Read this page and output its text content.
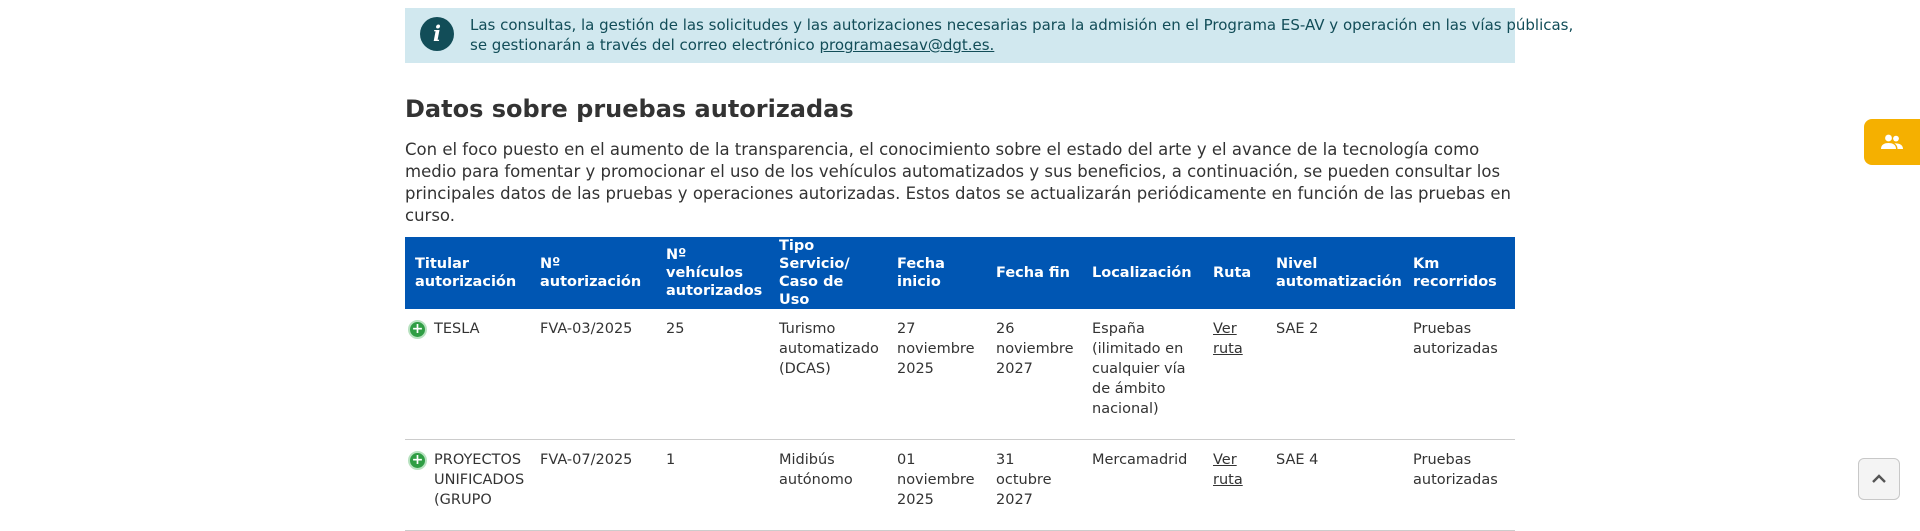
i	Las consultas, la gestión de las solicitudes y las autorizaciones necesarias para la admisión en el Programa ES-AV y operación en las vías públicas,
se gestionarán a través del correo electrónico programaesav@dgt.es.
Datos sobre pruebas autorizadas

Con el foco puesto en el aumento de la transparencia, el conocimiento sobre el estado del arte y el avance de la tecnología como medio para fomentar y promocionar el uso de los vehículos automatizados y sus beneficios, a continuación, se pueden consultar los principales datos de las pruebas y operaciones autorizadas. Estos datos se actualizarán periódicamente en función de las pruebas en curso.

Titular autorización	Nº autorización	Nº vehículos autorizados	Tipo Servicio/ Caso de Uso	Fecha inicio	Fecha fin	Localización	Ruta	Nivel automatización	Km recorridos

+ TESLA	FVA-03/2025	25	Turismo automatizado (DCAS)	27 noviembre 2025	26 noviembre 2027	España (ilimitado en cualquier vía de ámbito nacional)	Ver ruta	SAE 2	Pruebas autorizadas

+ PROYECTOS UNIFICADOS (GRUPO	FVA-07/2025	1	Midibús autónomo	01 noviembre 2025	31 octubre 2027	Mercamadrid	Ver ruta	SAE 4	Pruebas autorizadas
